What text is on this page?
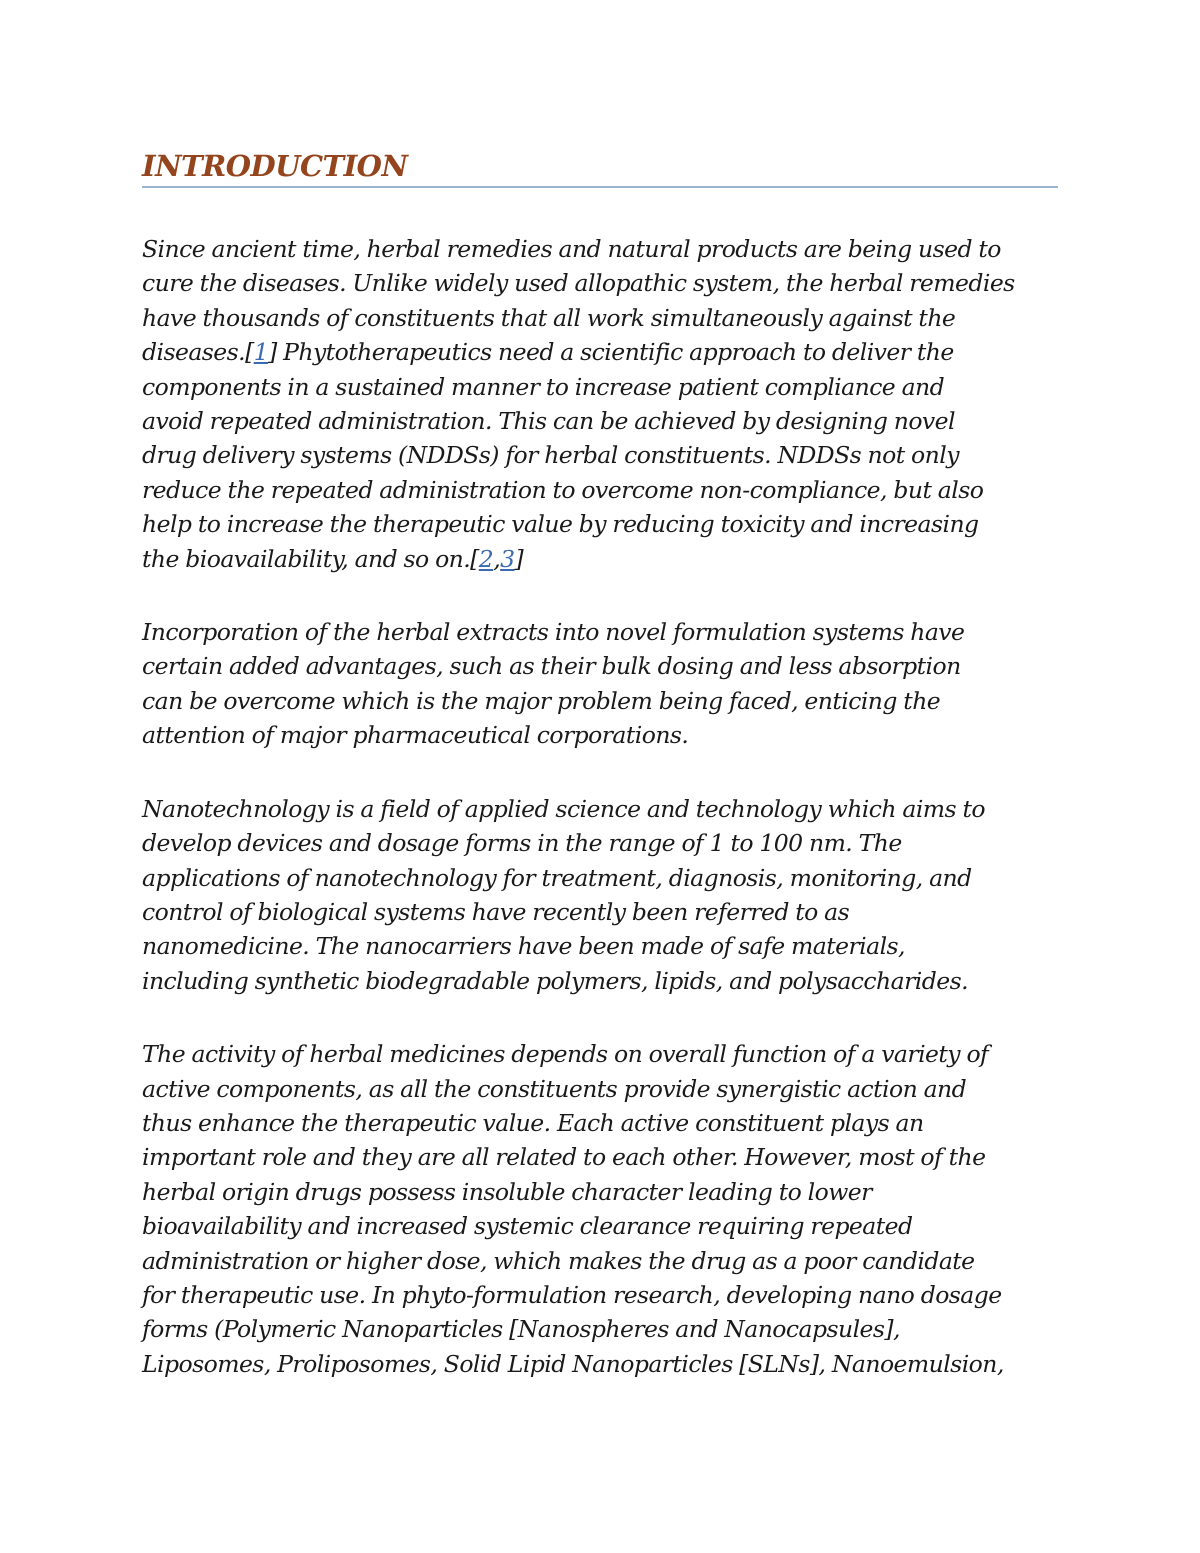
INTRODUCTION

Since ancient time, herbal remedies and natural products are being used to
cure the diseases. Unlike widely used allopathic system, the herbal remedies
have thousands of constituents that all work simultaneously against the
diseases.[1] Phytotherapeutics need a scientific approach to deliver the
components in a sustained manner to increase patient compliance and
avoid repeated administration. This can be achieved by designing novel
drug delivery systems (NDDSs) for herbal constituents. NDDSs not only
reduce the repeated administration to overcome non-compliance, but also
help to increase the therapeutic value by reducing toxicity and increasing
the bioavailability, and so on.[2,3]

Incorporation of the herbal extracts into novel formulation systems have
certain added advantages, such as their bulk dosing and less absorption
can be overcome which is the major problem being faced, enticing the
attention of major pharmaceutical corporations.

Nanotechnology is a field of applied science and technology which aims to
develop devices and dosage forms in the range of 1 to 100 nm. The
applications of nanotechnology for treatment, diagnosis, monitoring, and
control of biological systems have recently been referred to as
nanomedicine. The nanocarriers have been made of safe materials,
including synthetic biodegradable polymers, lipids, and polysaccharides.

The activity of herbal medicines depends on overall function of a variety of
active components, as all the constituents provide synergistic action and
thus enhance the therapeutic value. Each active constituent plays an
important role and they are all related to each other. However, most of the
herbal origin drugs possess insoluble character leading to lower
bioavailability and increased systemic clearance requiring repeated
administration or higher dose, which makes the drug as a poor candidate
for therapeutic use. In phyto-formulation research, developing nano dosage
forms (Polymeric Nanoparticles [Nanospheres and Nanocapsules],
Liposomes, Proliposomes, Solid Lipid Nanoparticles [SLNs], Nanoemulsion,
